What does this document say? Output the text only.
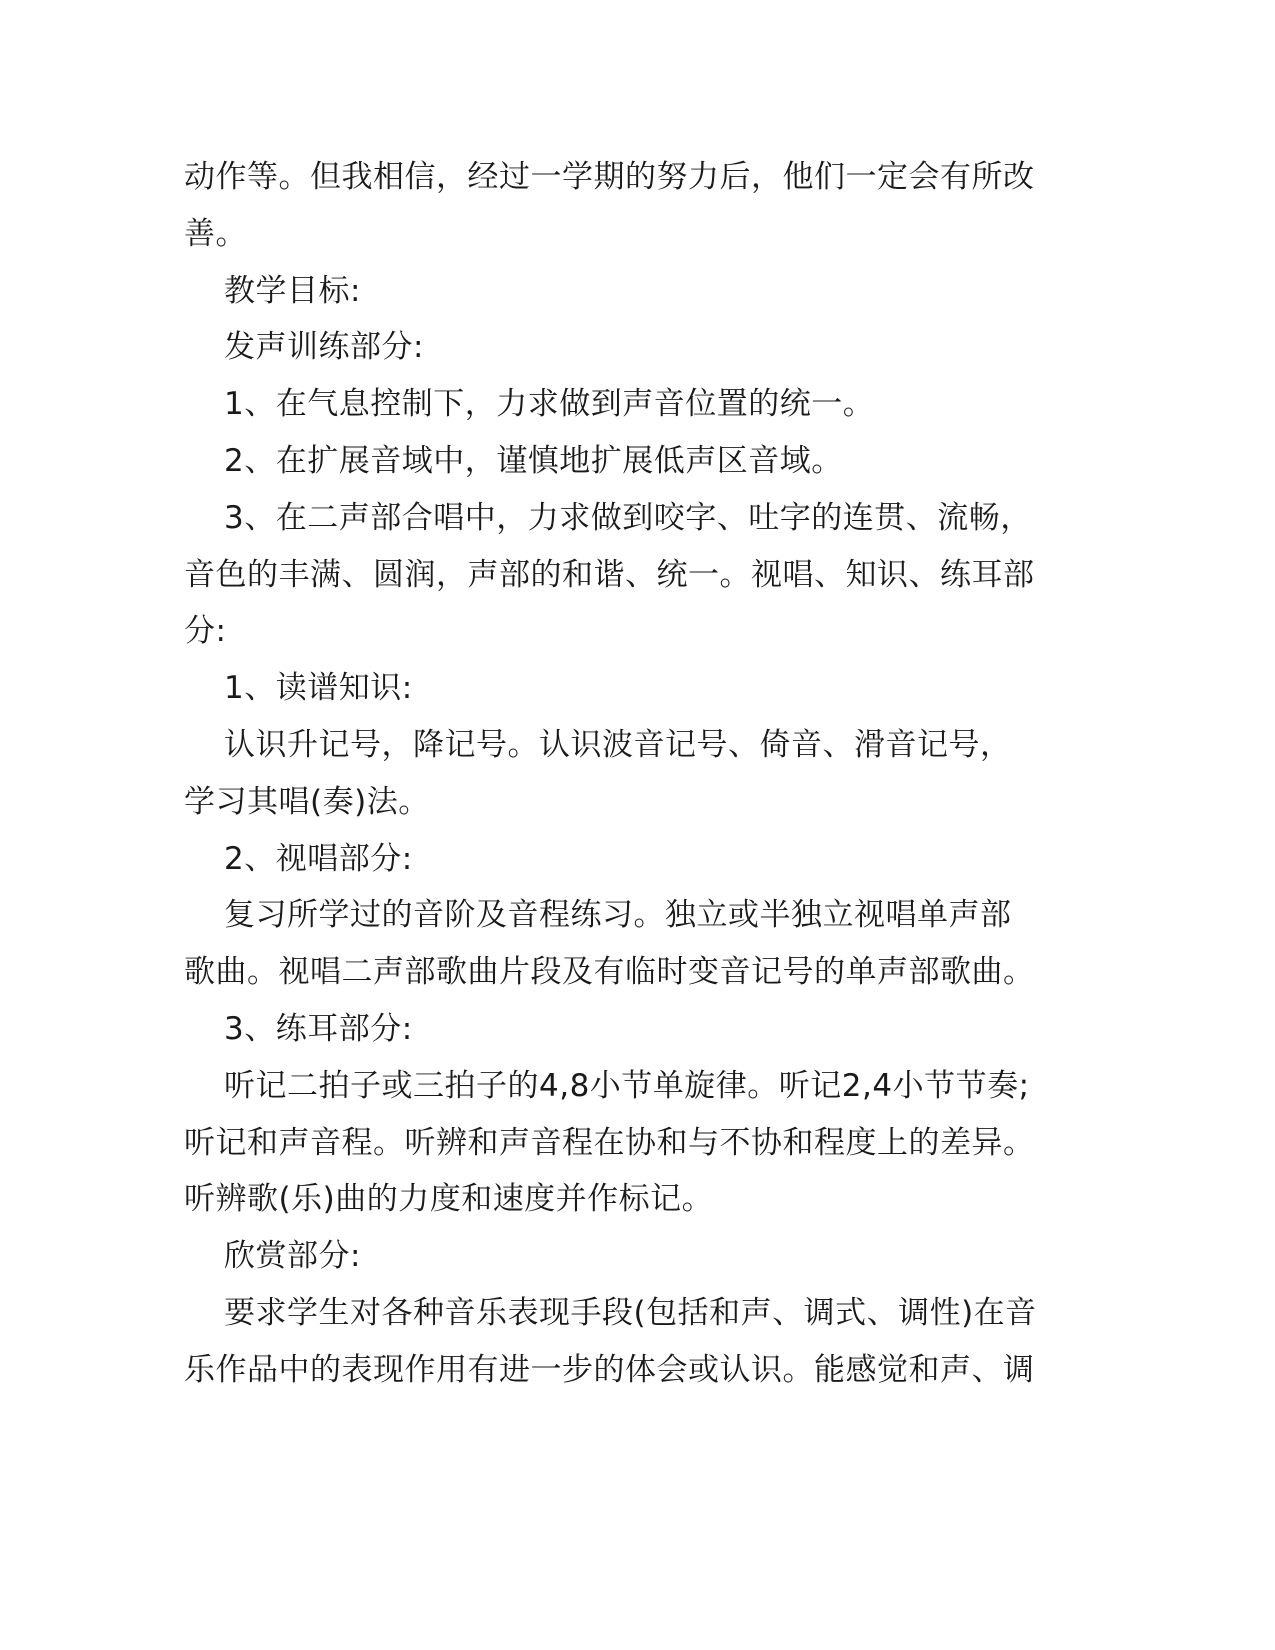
动作等。但我相信，经过一学期的努力后，他们一定会有所改

善。

教学目标:

发声训练部分:

1、在气息控制下，力求做到声音位置的统一。

2、在扩展音域中，谨慎地扩展低声区音域。

3、在二声部合唱中，力求做到咬字、吐字的连贯、流畅，

音色的丰满、圆润，声部的和谐、统一。视唱、知识、练耳部

分:

1、读谱知识:

认识升记号，降记号。认识波音记号、倚音、滑音记号，

学习其唱(奏)法。

2、视唱部分:

复习所学过的音阶及音程练习。独立或半独立视唱单声部

歌曲。视唱二声部歌曲片段及有临时变音记号的单声部歌曲。

3、练耳部分:

听记二拍子或三拍子的4,8小节单旋律。听记2,4小节节奏;

听记和声音程。听辨和声音程在协和与不协和程度上的差异。

听辨歌(乐)曲的力度和速度并作标记。

欣赏部分:

要求学生对各种音乐表现手段(包括和声、调式、调性)在音

乐作品中的表现作用有进一步的体会或认识。能感觉和声、调
